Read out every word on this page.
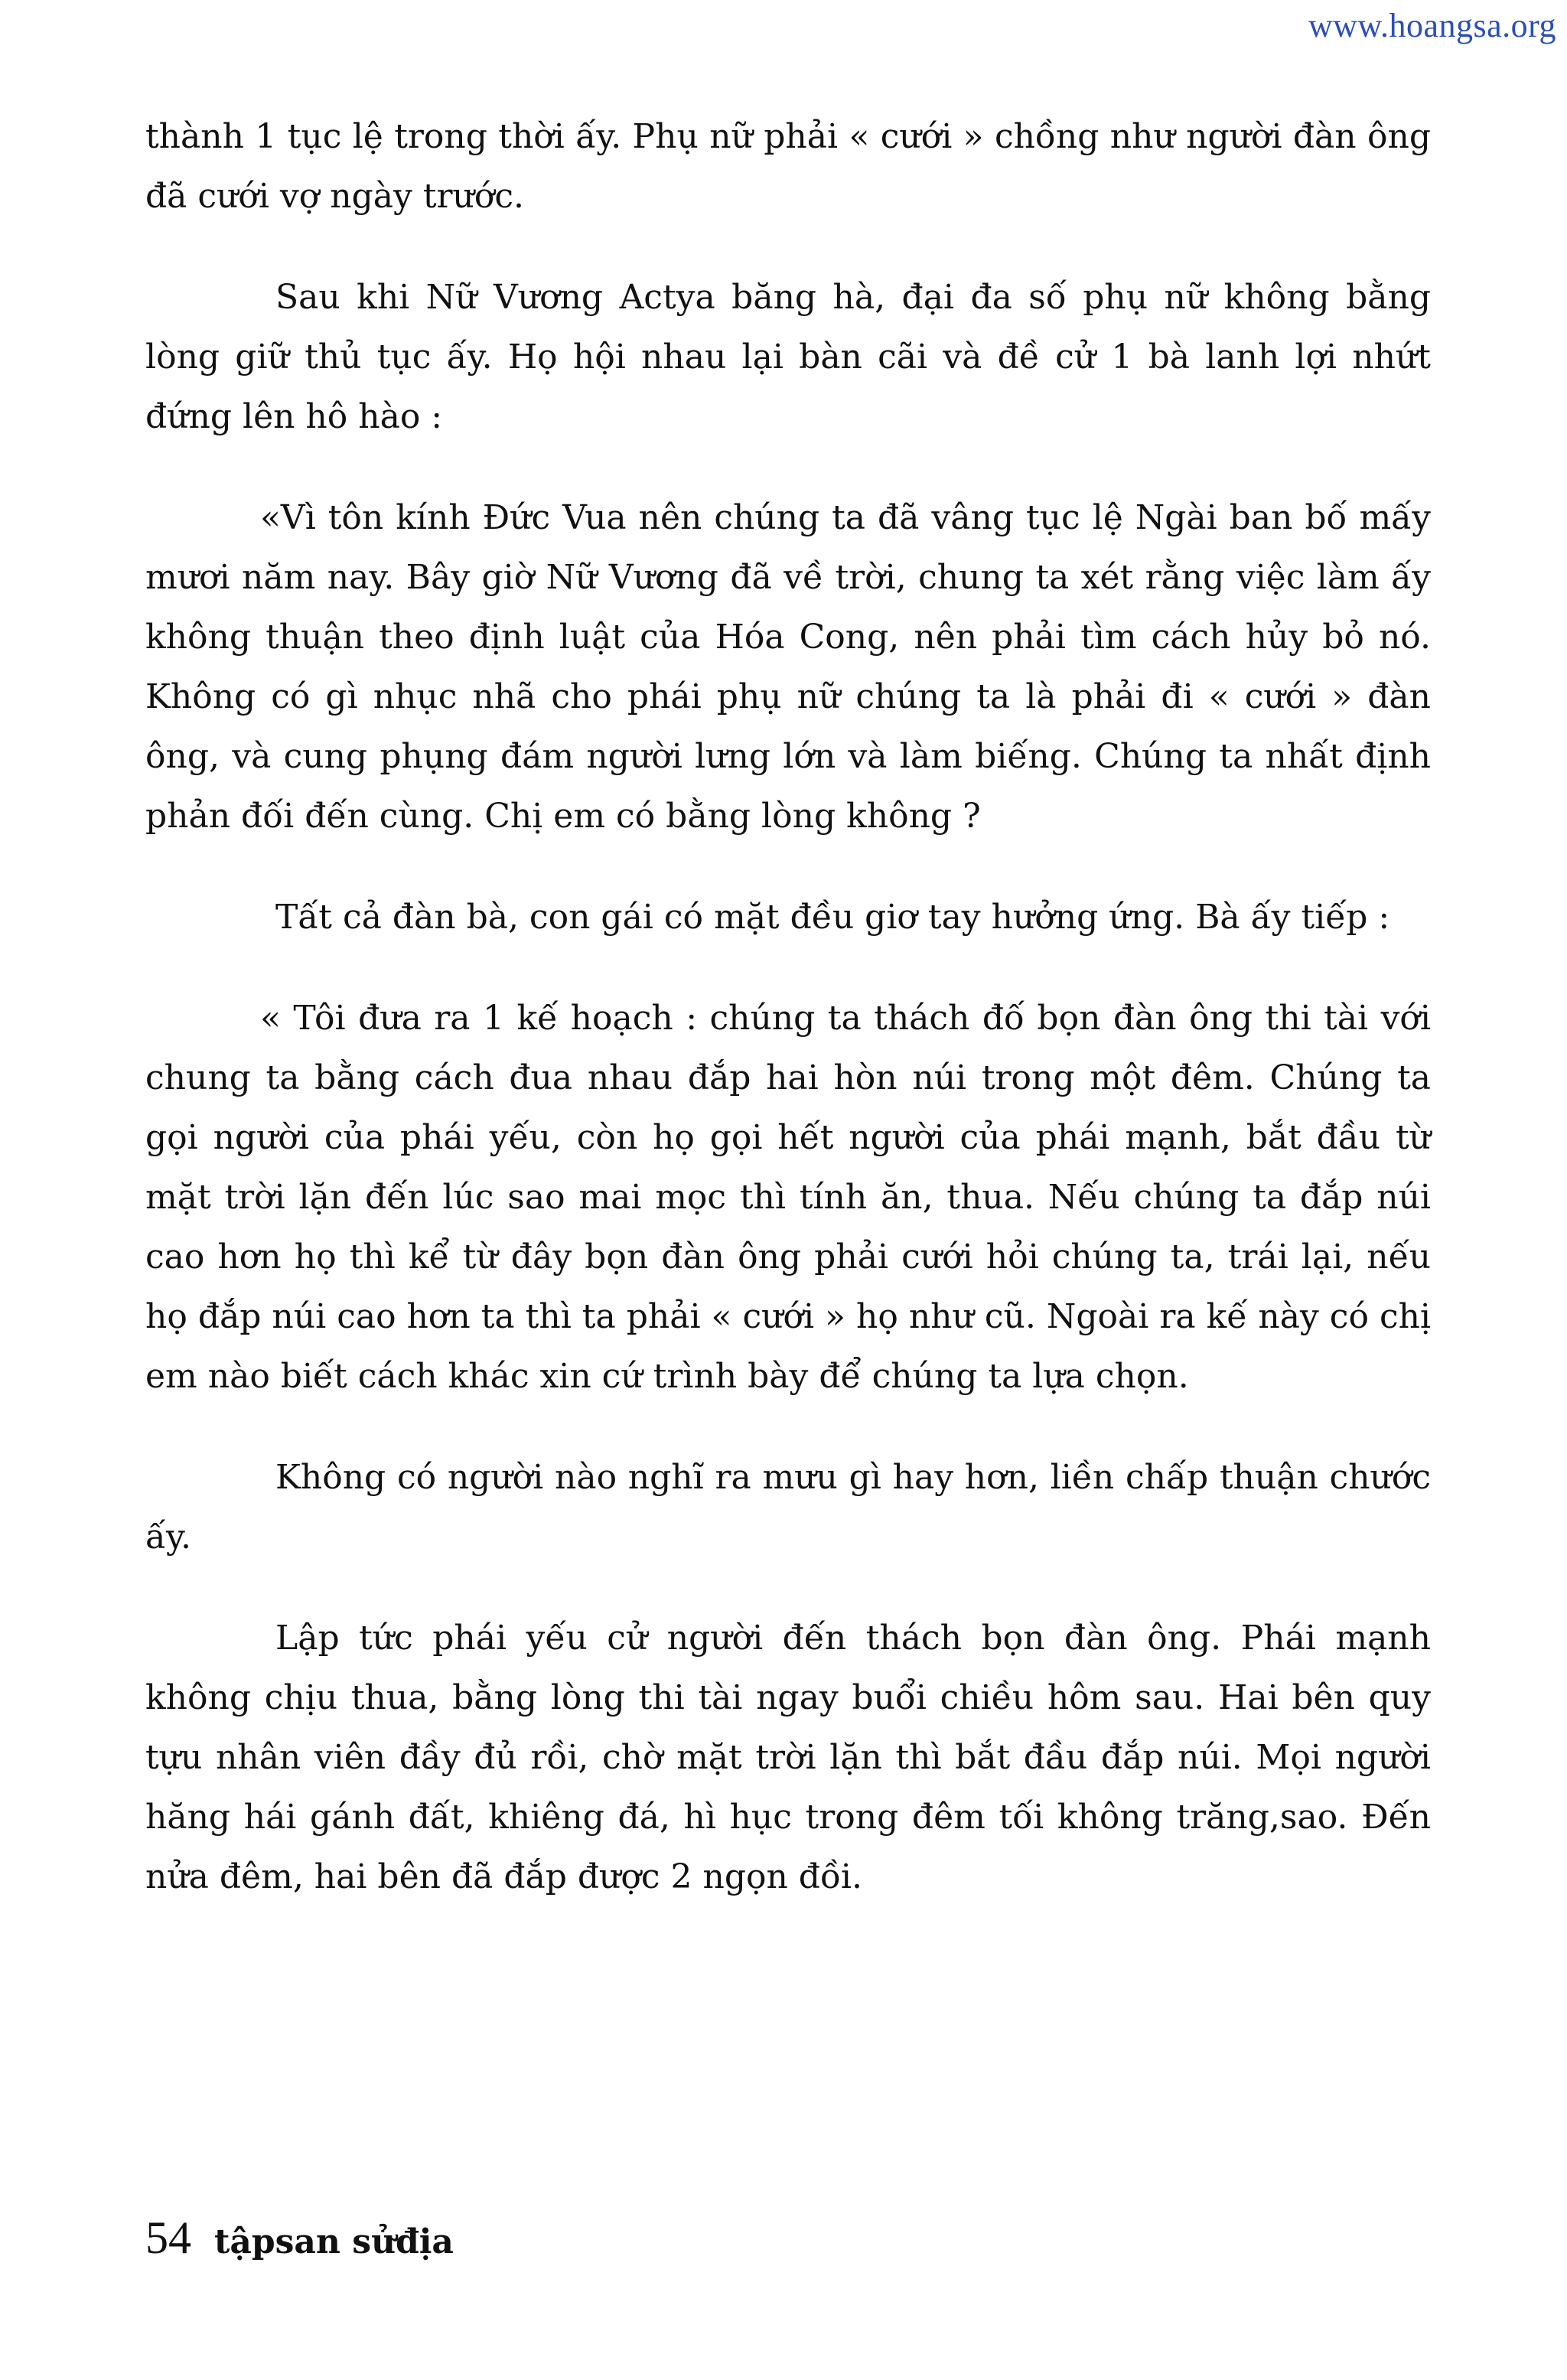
www.hoangsa.org

thành 1 tục lệ trong thời ấy. Phụ nữ phải « cưới » chồng như người đàn ông đã cưới vợ ngày trước.

Sau khi Nữ Vương Actya băng hà, đại đa số phụ nữ không bằng lòng giữ thủ tục ấy. Họ hội nhau lại bàn cãi và đề cử 1 bà lanh lợi nhứt đứng lên hô hào :

«Vì tôn kính Đức Vua nên chúng ta đã vâng tục lệ Ngài ban bố mấy mươi năm nay. Bây giờ Nữ Vương đã về trời, chung ta xét rằng việc làm ấy không thuận theo định luật của Hóa Cong, nên phải tìm cách hủy bỏ nó. Không có gì nhục nhã cho phái phụ nữ chúng ta là phải đi « cưới » đàn ông, và cung phụng đám người lưng lớn và làm biếng. Chúng ta nhất định phản đối đến cùng. Chị em có bằng lòng không ?

Tất cả đàn bà, con gái có mặt đều giơ tay hưởng ứng. Bà ấy tiếp :

« Tôi đưa ra 1 kế hoạch : chúng ta thách đố bọn đàn ông thi tài với chung ta bằng cách đua nhau đắp hai hòn núi trong một đêm. Chúng ta gọi người của phái yếu, còn họ gọi hết người của phái mạnh, bắt đầu từ mặt trời lặn đến lúc sao mai mọc thì tính ăn, thua. Nếu chúng ta đắp núi cao hơn họ thì kể từ đây bọn đàn ông phải cưới hỏi chúng ta, trái lại, nếu họ đắp núi cao hơn ta thì ta phải « cưới » họ như cũ. Ngoài ra kế này có chị em nào biết cách khác xin cứ trình bày để chúng ta lựa chọn.

Không có người nào nghĩ ra mưu gì hay hơn, liền chấp thuận chước ấy.

Lập tức phái yếu cử người đến thách bọn đàn ông. Phái mạnh không chịu thua, bằng lòng thi tài ngay buổi chiều hôm sau. Hai bên quy tựu nhân viên đầy đủ rồi, chờ mặt trời lặn thì bắt đầu đắp núi. Mọi người hăng hái gánh đất, khiêng đá, hì hục trong đêm tối không trăng,sao. Đến nửa đêm, hai bên đã đắp được 2 ngọn đồi.

54 tậpsan sửđịa
